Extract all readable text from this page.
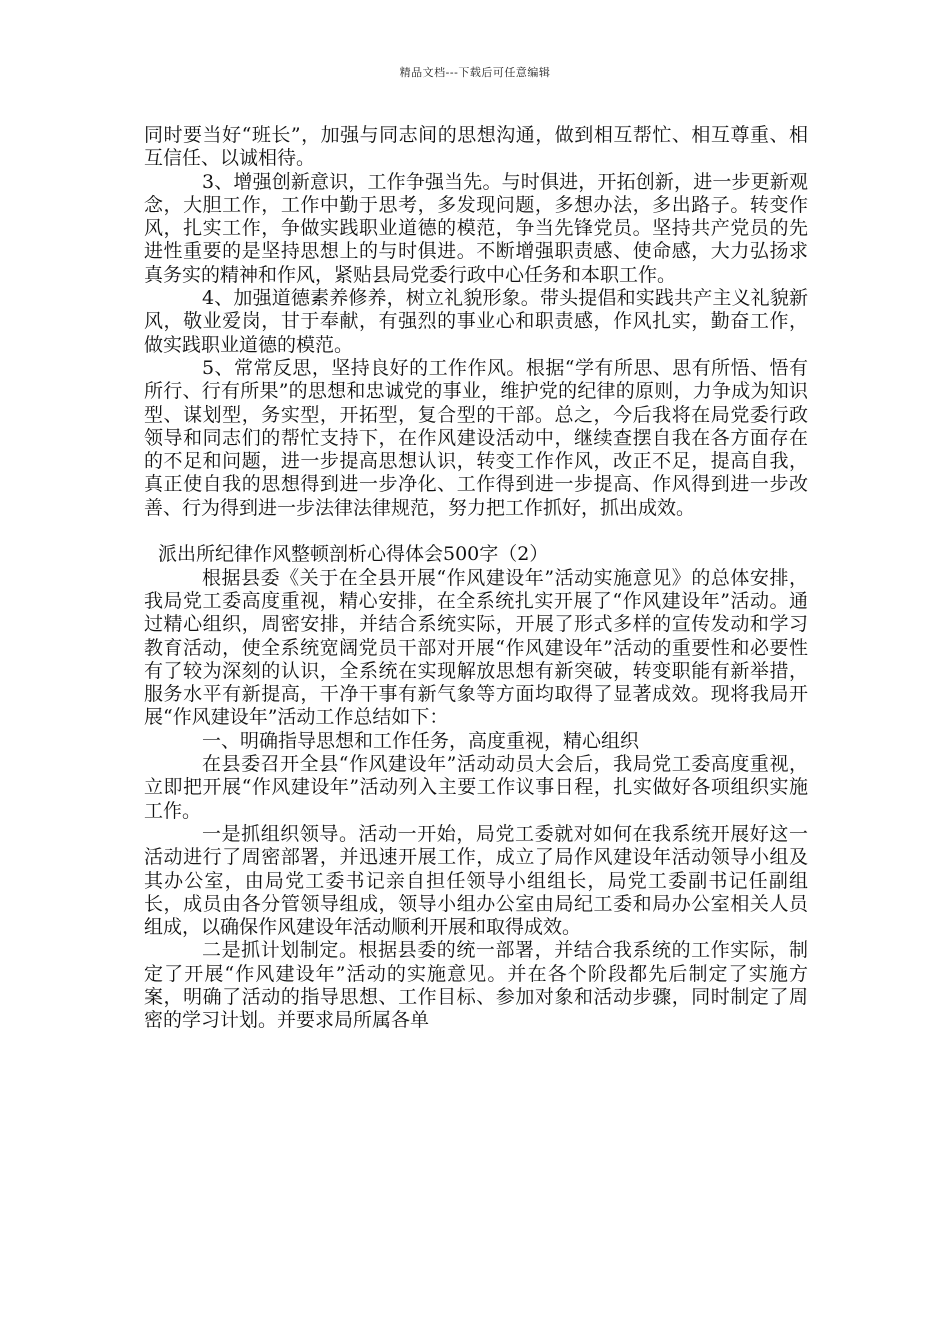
精品文档---下载后可任意编辑

同时要当好“班长”，加强与同志间的思想沟通，做到相互帮忙、相互尊重、相互信任、以诚相待。

3、增强创新意识，工作争强当先。与时俱进，开拓创新，进一步更新观念，大胆工作，工作中勤于思考，多发现问题，多想办法，多出路子。转变作风，扎实工作，争做实践职业道德的模范，争当先锋党员。坚持共产党员的先进性重要的是坚持思想上的与时俱进。不断增强职责感、使命感，大力弘扬求真务实的精神和作风，紧贴县局党委行政中心任务和本职工作。

4、加强道德素养修养，树立礼貌形象。带头提倡和实践共产主义礼貌新风，敬业爱岗，甘于奉献，有强烈的事业心和职责感，作风扎实，勤奋工作，做实践职业道德的模范。

5、常常反思，坚持良好的工作作风。根据“学有所思、思有所悟、悟有所行、行有所果”的思想和忠诚党的事业，维护党的纪律的原则，力争成为知识型、谋划型，务实型，开拓型，复合型的干部。总之，今后我将在局党委行政领导和同志们的帮忙支持下，在作风建设活动中，继续查摆自我在各方面存在的不足和问题，进一步提高思想认识，转变工作作风，改正不足，提高自我，真正使自我的思想得到进一步净化、工作得到进一步提高、作风得到进一步改善、行为得到进一步法律法律规范，努力把工作抓好，抓出成效。

派出所纪律作风整顿剖析心得体会500字（2）

根据县委《关于在全县开展“作风建设年”活动实施意见》的总体安排，我局党工委高度重视，精心安排，在全系统扎实开展了“作风建设年”活动。通过精心组织，周密安排，并结合系统实际，开展了形式多样的宣传发动和学习教育活动，使全系统宽阔党员干部对开展“作风建设年”活动的重要性和必要性有了较为深刻的认识，全系统在实现解放思想有新突破，转变职能有新举措，服务水平有新提高，干净干事有新气象等方面均取得了显著成效。现将我局开展“作风建设年”活动工作总结如下：

一、明确指导思想和工作任务，高度重视，精心组织

在县委召开全县“作风建设年”活动动员大会后，我局党工委高度重视，立即把开展“作风建设年”活动列入主要工作议事日程，扎实做好各项组织实施工作。

一是抓组织领导。活动一开始，局党工委就对如何在我系统开展好这一活动进行了周密部署，并迅速开展工作，成立了局作风建设年活动领导小组及其办公室，由局党工委书记亲自担任领导小组组长，局党工委副书记任副组长，成员由各分管领导组成，领导小组办公室由局纪工委和局办公室相关人员组成，以确保作风建设年活动顺利开展和取得成效。

二是抓计划制定。根据县委的统一部署，并结合我系统的工作实际，制定了开展“作风建设年”活动的实施意见。并在各个阶段都先后制定了实施方案，明确了活动的指导思想、工作目标、参加对象和活动步骤，同时制定了周密的学习计划。并要求局所属各单
